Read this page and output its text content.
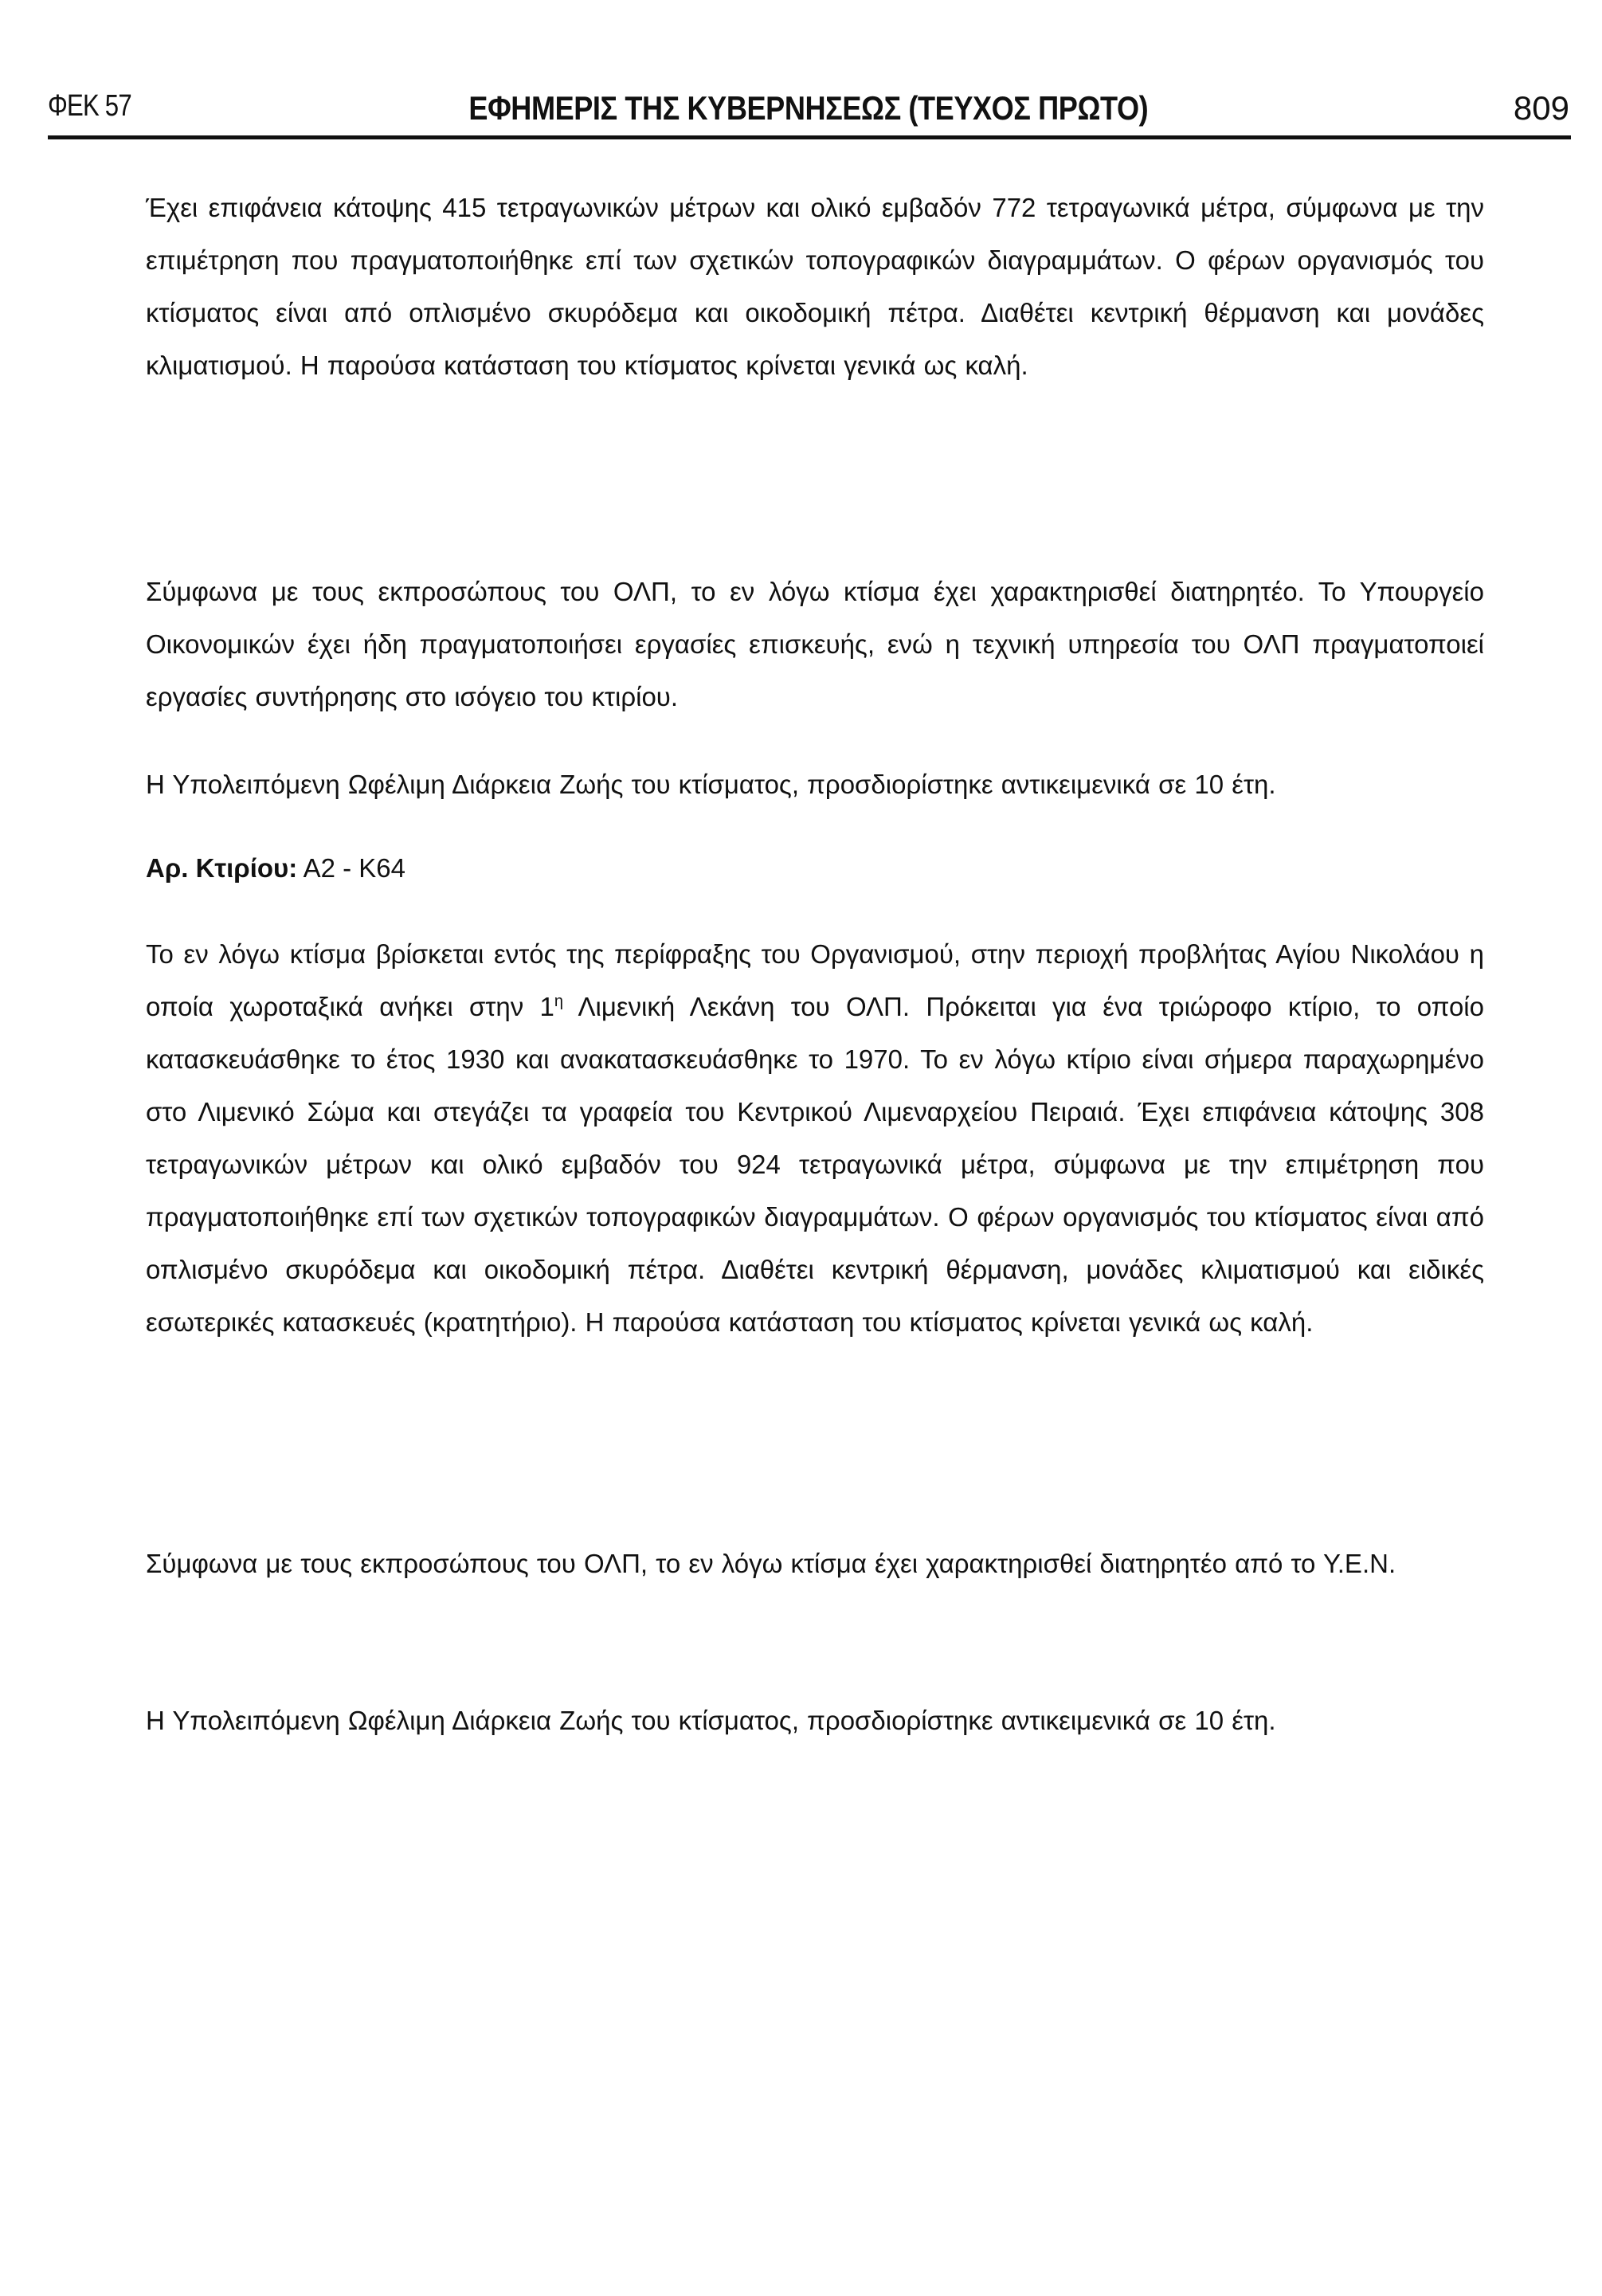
ΦΕΚ 57	ΕΦΗΜΕΡΙΣ ΤΗΣ ΚΥΒΕΡΝΗΣΕΩΣ (ΤΕΥΧΟΣ ΠΡΩΤΟ)	809

Έχει επιφάνεια κάτοψης 415 τετραγωνικών μέτρων και ολικό εμβαδόν 772 τετραγωνικά μέτρα, σύμφωνα με την επιμέτρηση που πραγματοποιήθηκε επί των σχετικών τοπογραφικών διαγραμμάτων. Ο φέρων οργανισμός του κτίσματος είναι από οπλισμένο σκυρόδεμα και οικοδομική πέτρα. Διαθέτει κεντρική θέρμανση και μονάδες κλιματισμού. Η παρούσα κατάσταση του κτίσματος κρίνεται γενικά ως καλή.

Σύμφωνα με τους εκπροσώπους του ΟΛΠ, το εν λόγω κτίσμα έχει χαρακτηρισθεί διατηρητέο. Το Υπουργείο Οικονομικών έχει ήδη πραγματοποιήσει εργασίες επισκευής, ενώ η τεχνική υπηρεσία του ΟΛΠ πραγματοποιεί εργασίες συντήρησης στο ισόγειο του κτιρίου.

Η Υπολειπόμενη Ωφέλιμη Διάρκεια Ζωής του κτίσματος, προσδιορίστηκε αντικειμενικά σε 10 έτη.

Αρ. Κτιρίου: Α2 - Κ64

Το εν λόγω κτίσμα βρίσκεται εντός της περίφραξης του Οργανισμού, στην περιοχή προβλήτας Αγίου Νικολάου η οποία χωροταξικά ανήκει στην $1^\eta$ Λιμενική Λεκάνη του ΟΛΠ. Πρόκειται για ένα τριώροφο κτίριο, το οποίο κατασκευάσθηκε το έτος 1930 και ανακατασκευάσθηκε το 1970. Το εν λόγω κτίριο είναι σήμερα παραχωρημένο στο Λιμενικό Σώμα και στεγάζει τα γραφεία του Κεντρικού Λιμεναρχείου Πειραιά. Έχει επιφάνεια κάτοψης 308 τετραγωνικών μέτρων και ολικό εμβαδόν του 924 τετραγωνικά μέτρα, σύμφωνα με την επιμέτρηση που πραγματοποιήθηκε επί των σχετικών τοπογραφικών διαγραμμάτων. Ο φέρων οργανισμός του κτίσματος είναι από οπλισμένο σκυρόδεμα και οικοδομική πέτρα. Διαθέτει κεντρική θέρμανση, μονάδες κλιματισμού και ειδικές εσωτερικές κατασκευές (κρατητήριο). Η παρούσα κατάσταση του κτίσματος κρίνεται γενικά ως καλή.

Σύμφωνα με τους εκπροσώπους του ΟΛΠ, το εν λόγω κτίσμα έχει χαρακτηρισθεί διατηρητέο από το Υ.Ε.Ν.

Η Υπολειπόμενη Ωφέλιμη Διάρκεια Ζωής του κτίσματος, προσδιορίστηκε αντικειμενικά σε 10 έτη.
